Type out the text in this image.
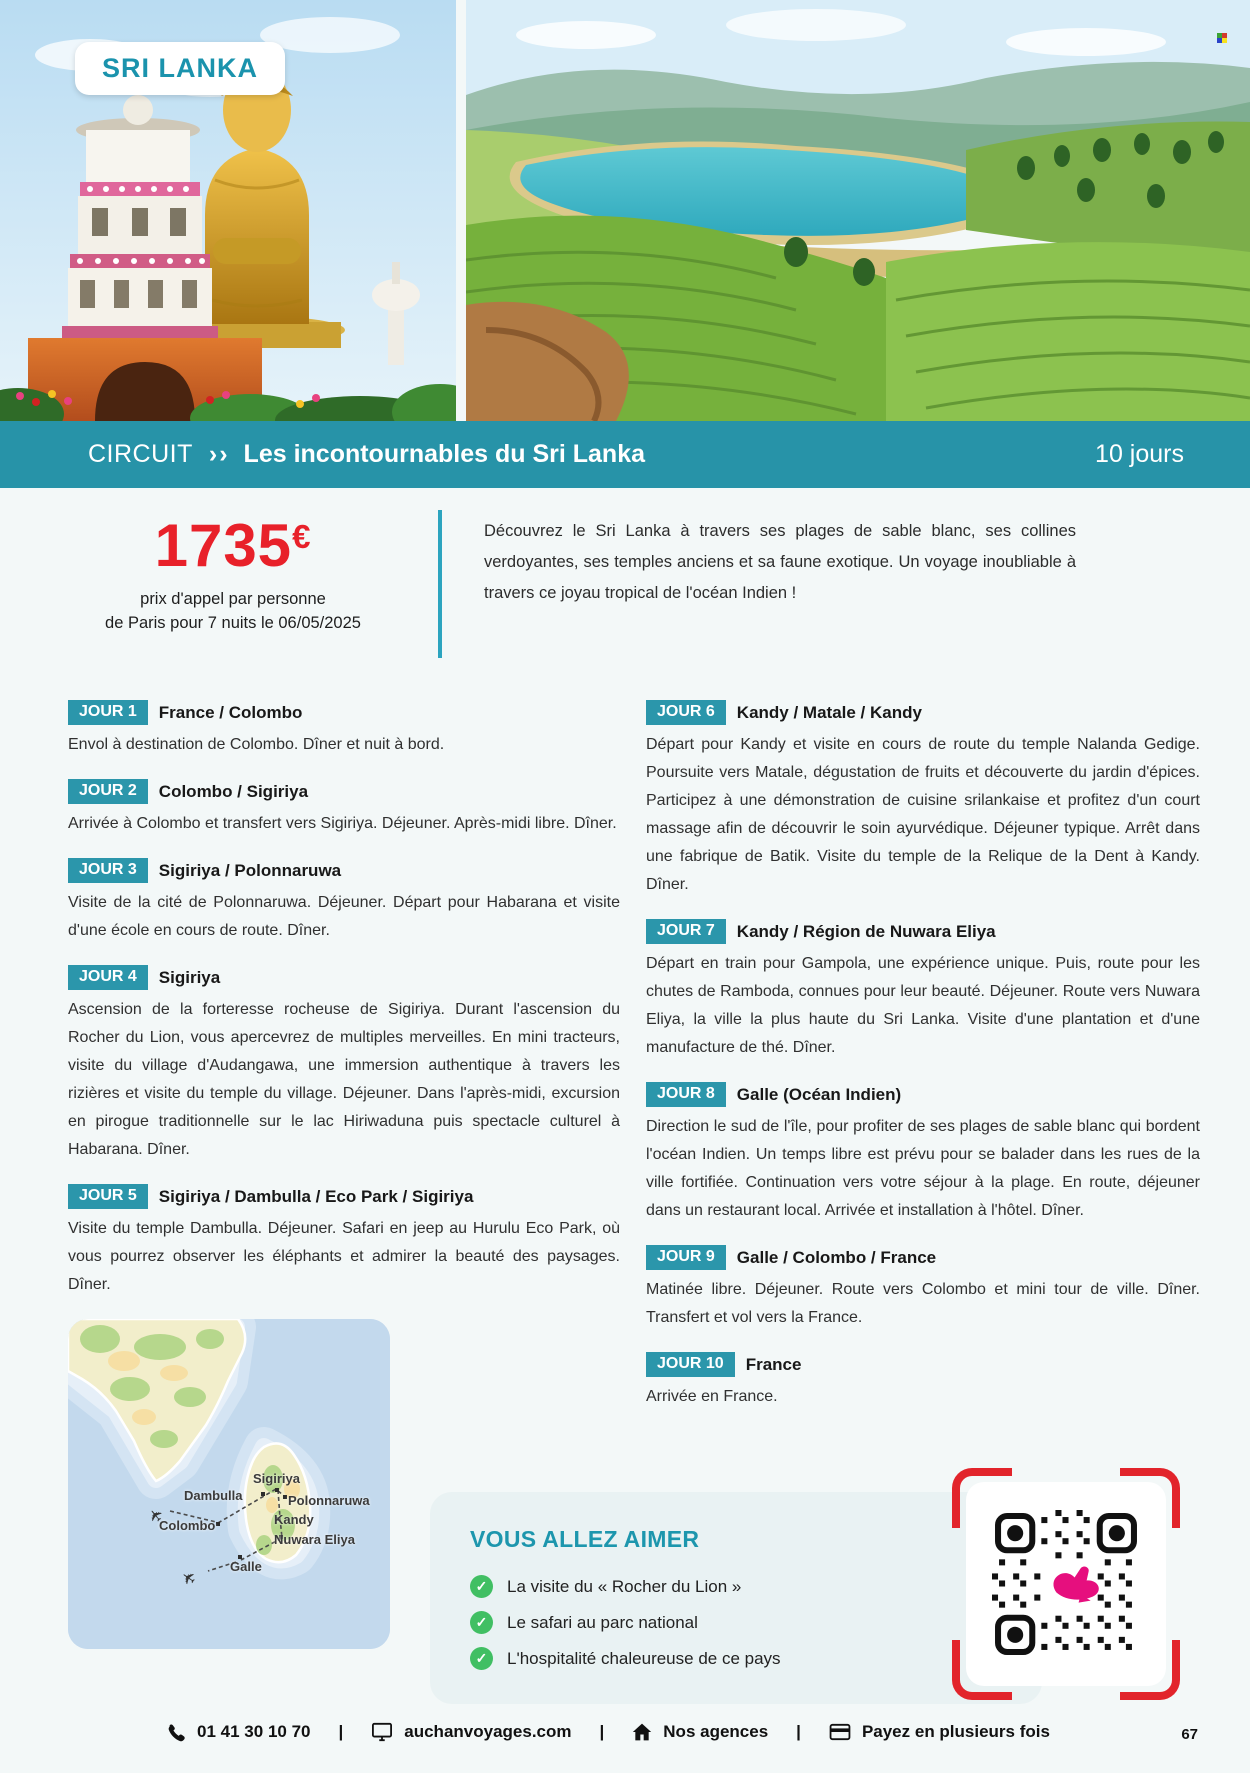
SRI LANKA
CIRCUIT ›› Les incontournables du Sri Lanka	10 jours
1735€
prix d'appel par personne
de Paris pour 7 nuits le 06/05/2025
Découvrez le Sri Lanka à travers ses plages de sable blanc, ses collines verdoyantes, ses temples anciens et sa faune exotique. Un voyage inoubliable à travers ce joyau tropical de l'océan Indien !
JOUR 1	France / Colombo
Envol à destination de Colombo. Dîner et nuit à bord.
JOUR 2	Colombo / Sigiriya
Arrivée à Colombo et transfert vers Sigiriya. Déjeuner. Après-midi libre. Dîner.
JOUR 3	Sigiriya / Polonnaruwa
Visite de la cité de Polonnaruwa. Déjeuner. Départ pour Habarana et visite d'une école en cours de route. Dîner.
JOUR 4	Sigiriya
Ascension de la forteresse rocheuse de Sigiriya. Durant l'ascension du Rocher du Lion, vous apercevrez de multiples merveilles. En mini tracteurs, visite du village d'Audangawa, une immersion authentique à travers les rizières et visite du temple du village. Déjeuner. Dans l'après-midi, excursion en pirogue traditionnelle sur le lac Hiriwaduna puis spectacle culturel à Habarana. Dîner.
JOUR 5	Sigiriya / Dambulla / Eco Park / Sigiriya
Visite du temple Dambulla. Déjeuner. Safari en jeep au Hurulu Eco Park, où vous pourrez observer les éléphants et admirer la beauté des paysages. Dîner.
✈
✈
Sigiriya
Dambulla	Polonnaruwa
Kandy
Colombo
Nuwara Eliya
Galle
JOUR 6	Kandy / Matale / Kandy
Départ pour Kandy et visite en cours de route du temple Nalanda Gedige. Poursuite vers Matale, dégustation de fruits et découverte du jardin d'épices. Participez à une démonstration de cuisine srilankaise et profitez d'un court massage afin de découvrir le soin ayurvédique. Déjeuner typique. Arrêt dans une fabrique de Batik. Visite du temple de la Relique de la Dent à Kandy. Dîner.
JOUR 7	Kandy / Région de Nuwara Eliya
Départ en train pour Gampola, une expérience unique. Puis, route pour les chutes de Ramboda, connues pour leur beauté. Déjeuner. Route vers Nuwara Eliya, la ville la plus haute du Sri Lanka. Visite d'une plantation et d'une manufacture de thé. Dîner.
JOUR 8	Galle (Océan Indien)
Direction le sud de l'île, pour profiter de ses plages de sable blanc qui bordent l'océan Indien. Un temps libre est prévu pour se balader dans les rues de la ville fortifiée. Continuation vers votre séjour à la plage. En route, déjeuner dans un restaurant local. Arrivée et installation à l'hôtel. Dîner.
JOUR 9	Galle / Colombo / France
Matinée libre. Déjeuner. Route vers Colombo et mini tour de ville. Dîner. Transfert et vol vers la France.
JOUR 10	France
Arrivée en France.
VOUS ALLEZ AIMER
✓	La visite du « Rocher du Lion »
✓	Le safari au parc national
✓	L'hospitalité chaleureuse de ce pays
01 41 30 10 70 |	auchanvoyages.com |	Nos agences |	Payez en plusieurs fois	67
